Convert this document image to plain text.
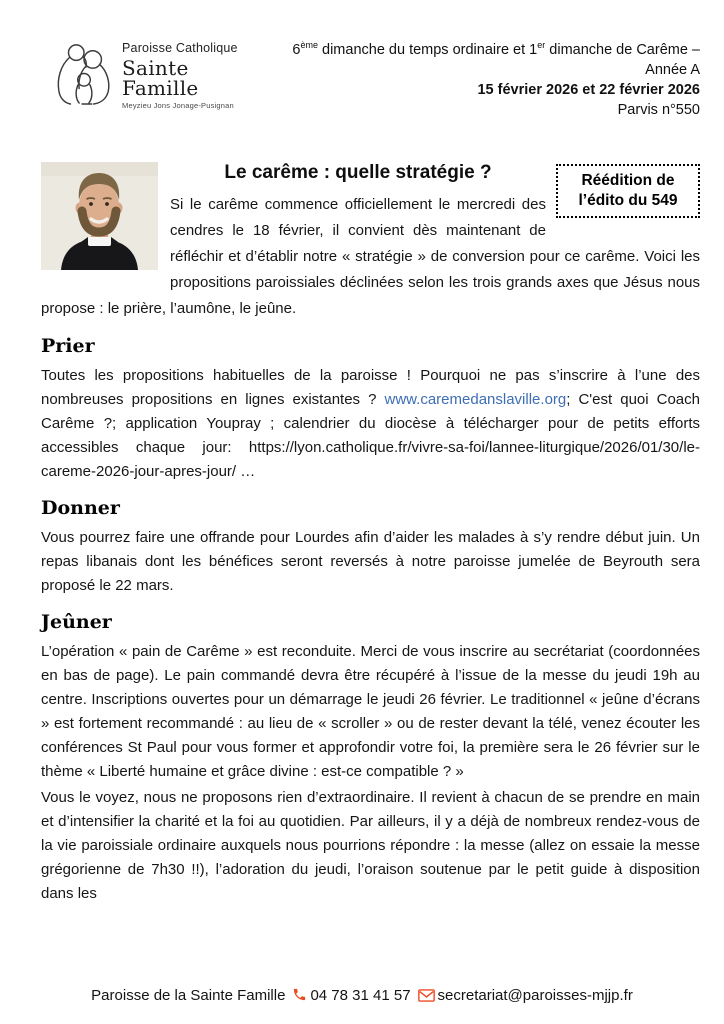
Paroisse Catholique
Sainte Famille
Meyzieu Jons Jonage-Pusignan
6ème dimanche du temps ordinaire et 1er dimanche de Carême – Année A
15 février 2026 et 22 février 2026
Parvis n°550
Réédition de
l’édito du 549
Le carême : quelle stratégie ?

Si le carême commence officiellement le mercredi des cendres le 18 février, il convient dès maintenant de réfléchir et d’établir notre « stratégie » de conversion pour ce carême. Voici les propositions paroissiales déclinées selon les trois grands axes que Jésus nous propose : le prière, l’aumône, le jeûne.

Prier

Toutes les propositions habituelles de la paroisse ! Pourquoi ne pas s’inscrire à l’une des nombreuses propositions en lignes existantes ? www.caremedanslaville.org; C'est quoi Coach Carême ?; application Youpray ; calendrier du diocèse à télécharger pour de petits efforts accessibles chaque jour: https://lyon.catholique.fr/vivre-sa-foi/lannee-liturgique/2026/01/30/le-careme-2026-jour-apres-jour/ …

Donner

Vous pourrez faire une offrande pour Lourdes afin d’aider les malades à s’y rendre début juin. Un repas libanais dont les bénéfices seront reversés à notre paroisse jumelée de Beyrouth sera proposé le 22 mars.

Jeûner

L’opération « pain de Carême » est reconduite. Merci de vous inscrire au secrétariat (coordonnées en bas de page). Le pain commandé devra être récupéré à l’issue de la messe du jeudi 19h au centre. Inscriptions ouvertes pour un démarrage le jeudi 26 février. Le traditionnel « jeûne d’écrans » est fortement recommandé : au lieu de « scroller » ou de rester devant la télé, venez écouter les conférences St Paul pour vous former et approfondir votre foi, la première sera le 26 février sur le thème « Liberté humaine et grâce divine : est-ce compatible ? »

Vous le voyez, nous ne proposons rien d’extraordinaire. Il revient à chacun de se prendre en main et d’intensifier la charité et la foi au quotidien. Par ailleurs, il y a déjà de nombreux rendez-vous de la vie paroissiale ordinaire auxquels nous pourrions répondre : la messe (allez on essaie la messe grégorienne de 7h30 !!), l’adoration du jeudi, l’oraison soutenue par le petit guide à disposition dans les

Paroisse de la Sainte Famille 04 78 31 41 57 secretariat@paroisses-mjjp.fr
